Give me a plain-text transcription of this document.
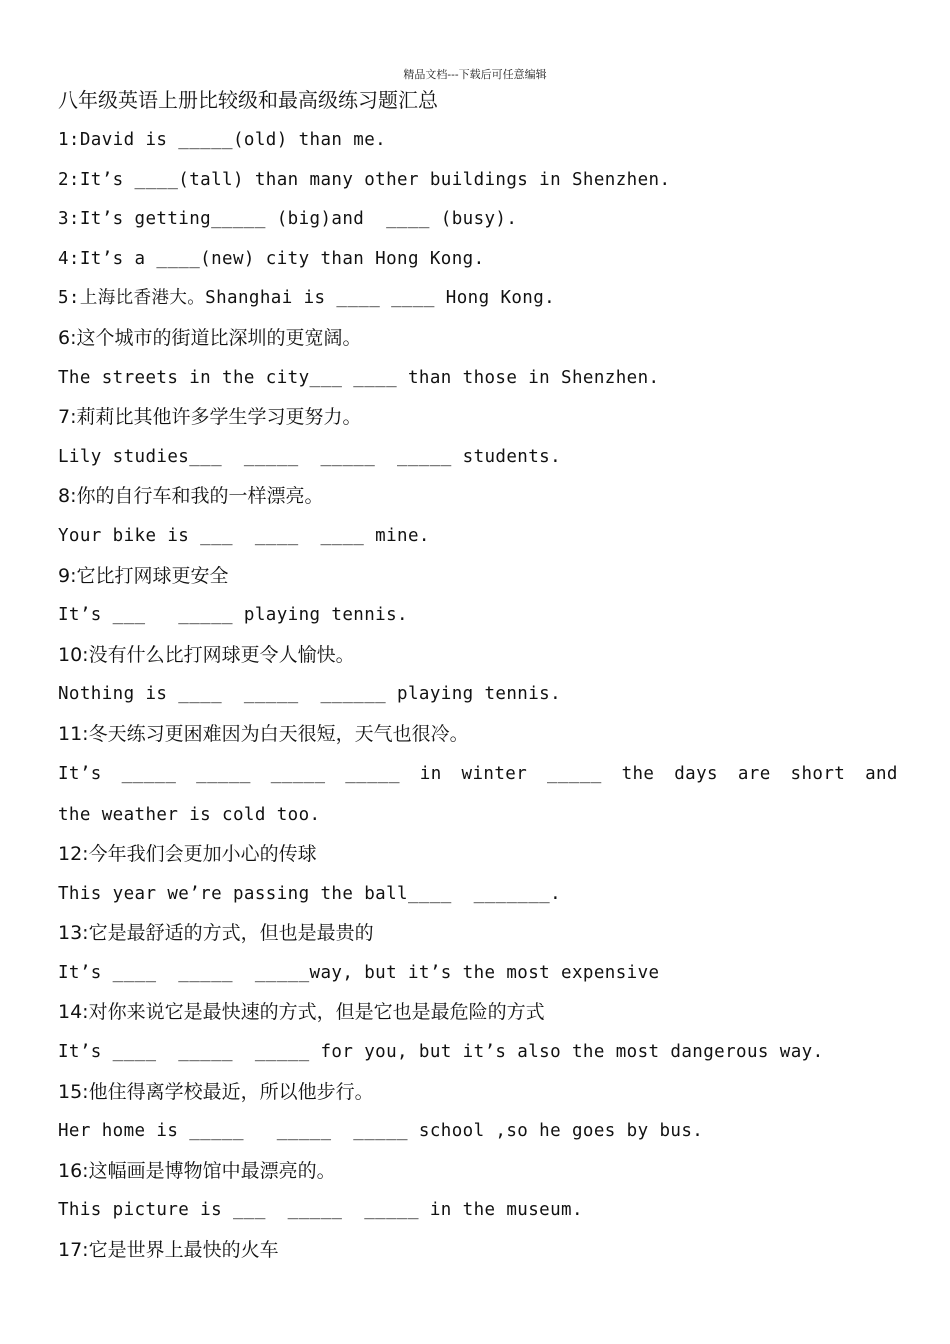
精品文档---下载后可任意编辑
八年级英语上册比较级和最高级练习题汇总
1:David is _____(old) than me.
2:It’s ____(tall) than many other buildings in Shenzhen.
3:It’s getting_____ (big)and  ____ (busy).
4:It’s a ____(new) city than Hong Kong.
5:上海比香港大。Shanghai is ____ ____ Hong Kong.
6:这个城市的街道比深圳的更宽阔。
The streets in the city___ ____ than those in Shenzhen.
7:莉莉比其他许多学生学习更努力。
Lily studies___  _____  _____  _____ students.
8:你的自行车和我的一样漂亮。
Your bike is ___  ____  ____ mine.
9:它比打网球更安全
It’s ___   _____ playing tennis.
10:没有什么比打网球更令人愉快。
Nothing is ____  _____  ______ playing tennis.
11:冬天练习更困难因为白天很短，天气也很冷。
It’s _____ _____ _____ _____ in winter _____ the days are short and
the weather is cold too.
12:今年我们会更加小心的传球
This year we’re passing the ball____  _______.
13:它是最舒适的方式，但也是最贵的
It’s ____  _____  _____way, but it’s the most expensive
14:对你来说它是最快速的方式，但是它也是最危险的方式
It’s ____  _____  _____ for you, but it’s also the most dangerous way.
15:他住得离学校最近，所以他步行。
Her home is _____   _____  _____ school ,so he goes by bus.
16:这幅画是博物馆中最漂亮的。
This picture is ___  _____  _____ in the museum.
17:它是世界上最快的火车
